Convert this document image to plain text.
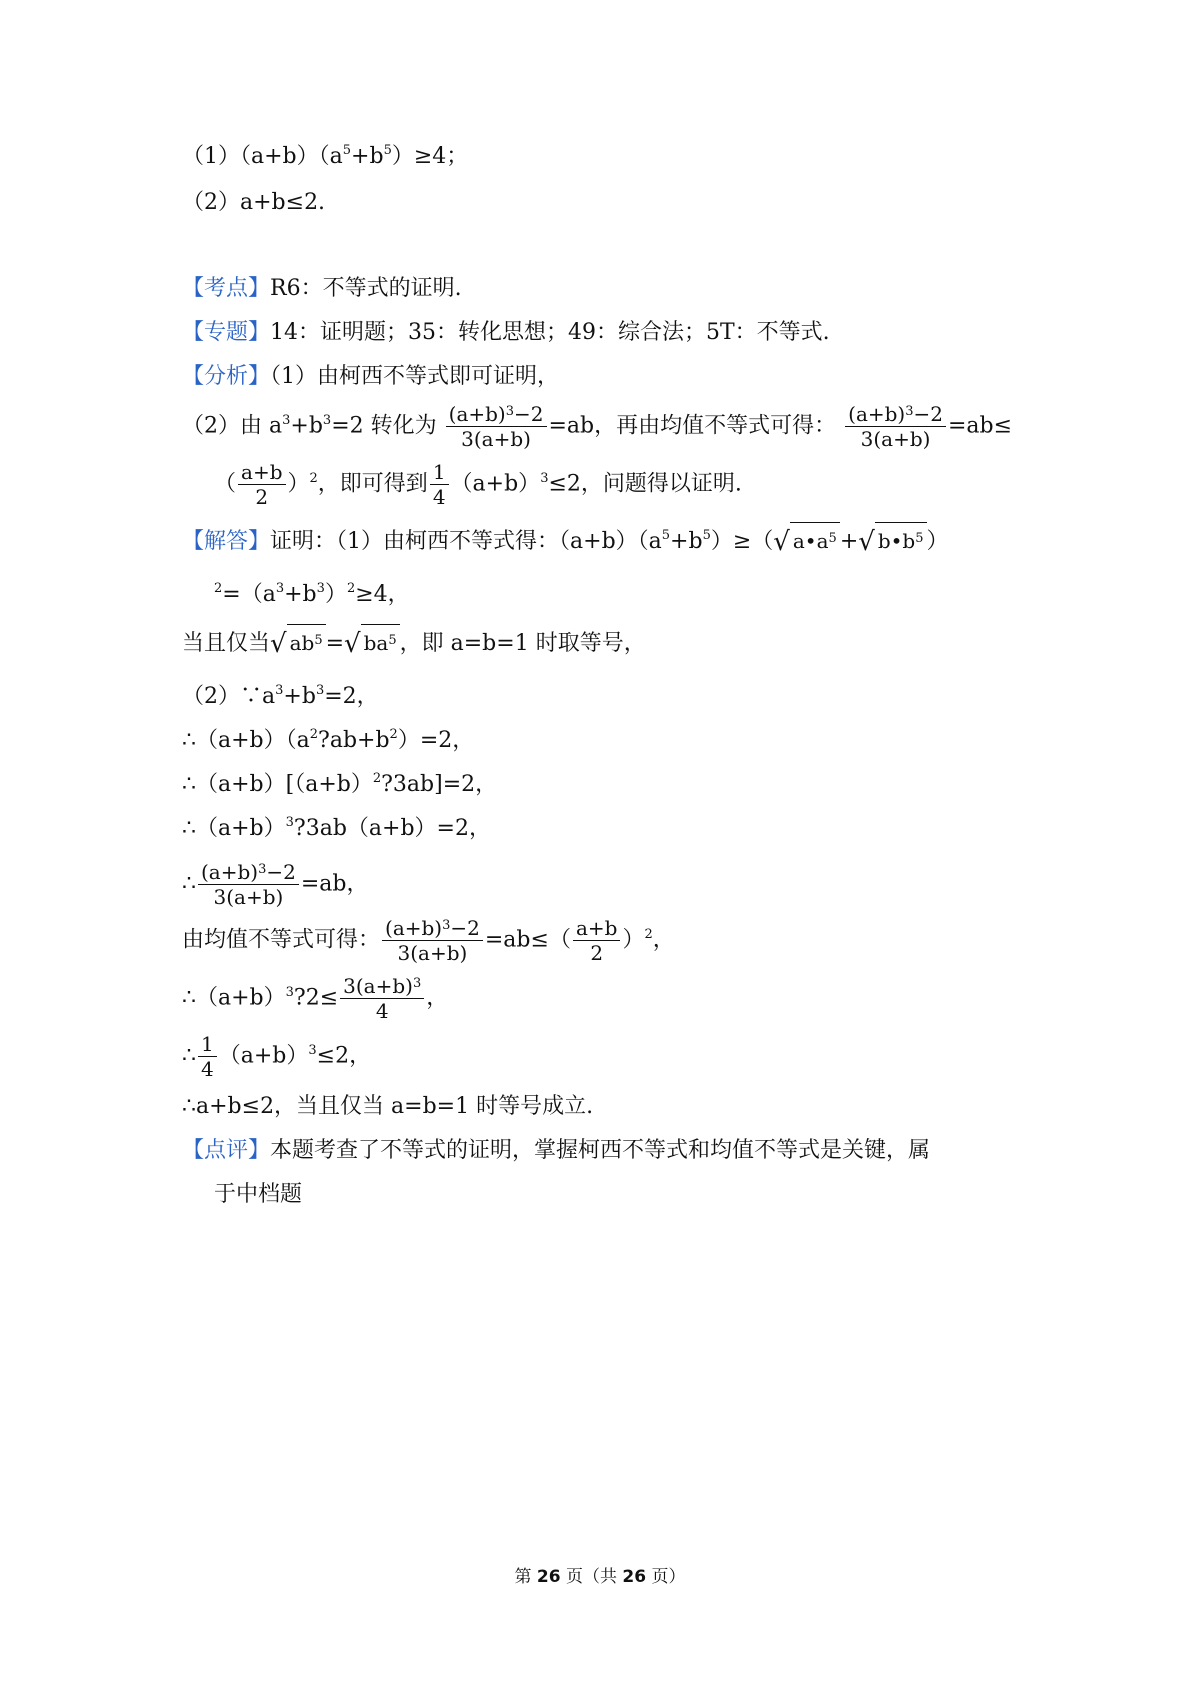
$(1)(a+b)(a^5+b^5)\ge 4$；
（2）a+b≤2.
【考点】R6：不等式的证明.
【专题】14：证明题；35：转化思想；49：综合法；5T：不等式.
【分析】（1）由柯西不等式即可证明，
（2）由 $a^3+b^3=2$ 转化为 $\frac{(a+b)^3-2}{3(a+b)} =ab$，再由均值不等式可得： $\frac{(a+b)^3-2}{3(a+b)} =ab\le$
（ $\frac{a+b}{2} )^2$，即可得到 $\frac{1}{4} (a+b)^3\le 2$，问题得以证明.
【解答】证明：（1）由柯西不等式得：$(a+b)(a^5+b^5)\ge(√$ $a•a^5$ +√ $b•b^5$ ）
$^2=(a^3+b^3)^2\ge 4$，
当且仅当√ $ab^5$ =√ $ba^5$ ，即 a=b=1 时取等号，
$(2)\because a^3+b^3=2$，
$\therefore(a+b)(a^2?ab+b^2)=2$，
$\therefore(a+b)[(a+b)^2?3ab]=2$，
$\therefore(a+b)^3?3ab(a+b)=2$，
∴ $\frac{(a+b)^3-2}{3(a+b)} =ab$，
由均值不等式可得： $\frac{(a+b)^3-2}{3(a+b)} =ab\le( \frac{a+b}{2} )^2$，
$\therefore(a+b)^3?2\le \frac{3(a+b)^3}{4}$ ，
∴ $\frac{1}{4} (a+b)^3\le 2$，
∴a+b≤2，当且仅当 a=b=1 时等号成立.
【点评】本题考查了不等式的证明，掌握柯西不等式和均值不等式是关键，属
于中档题
第 26 页（共 26 页）
